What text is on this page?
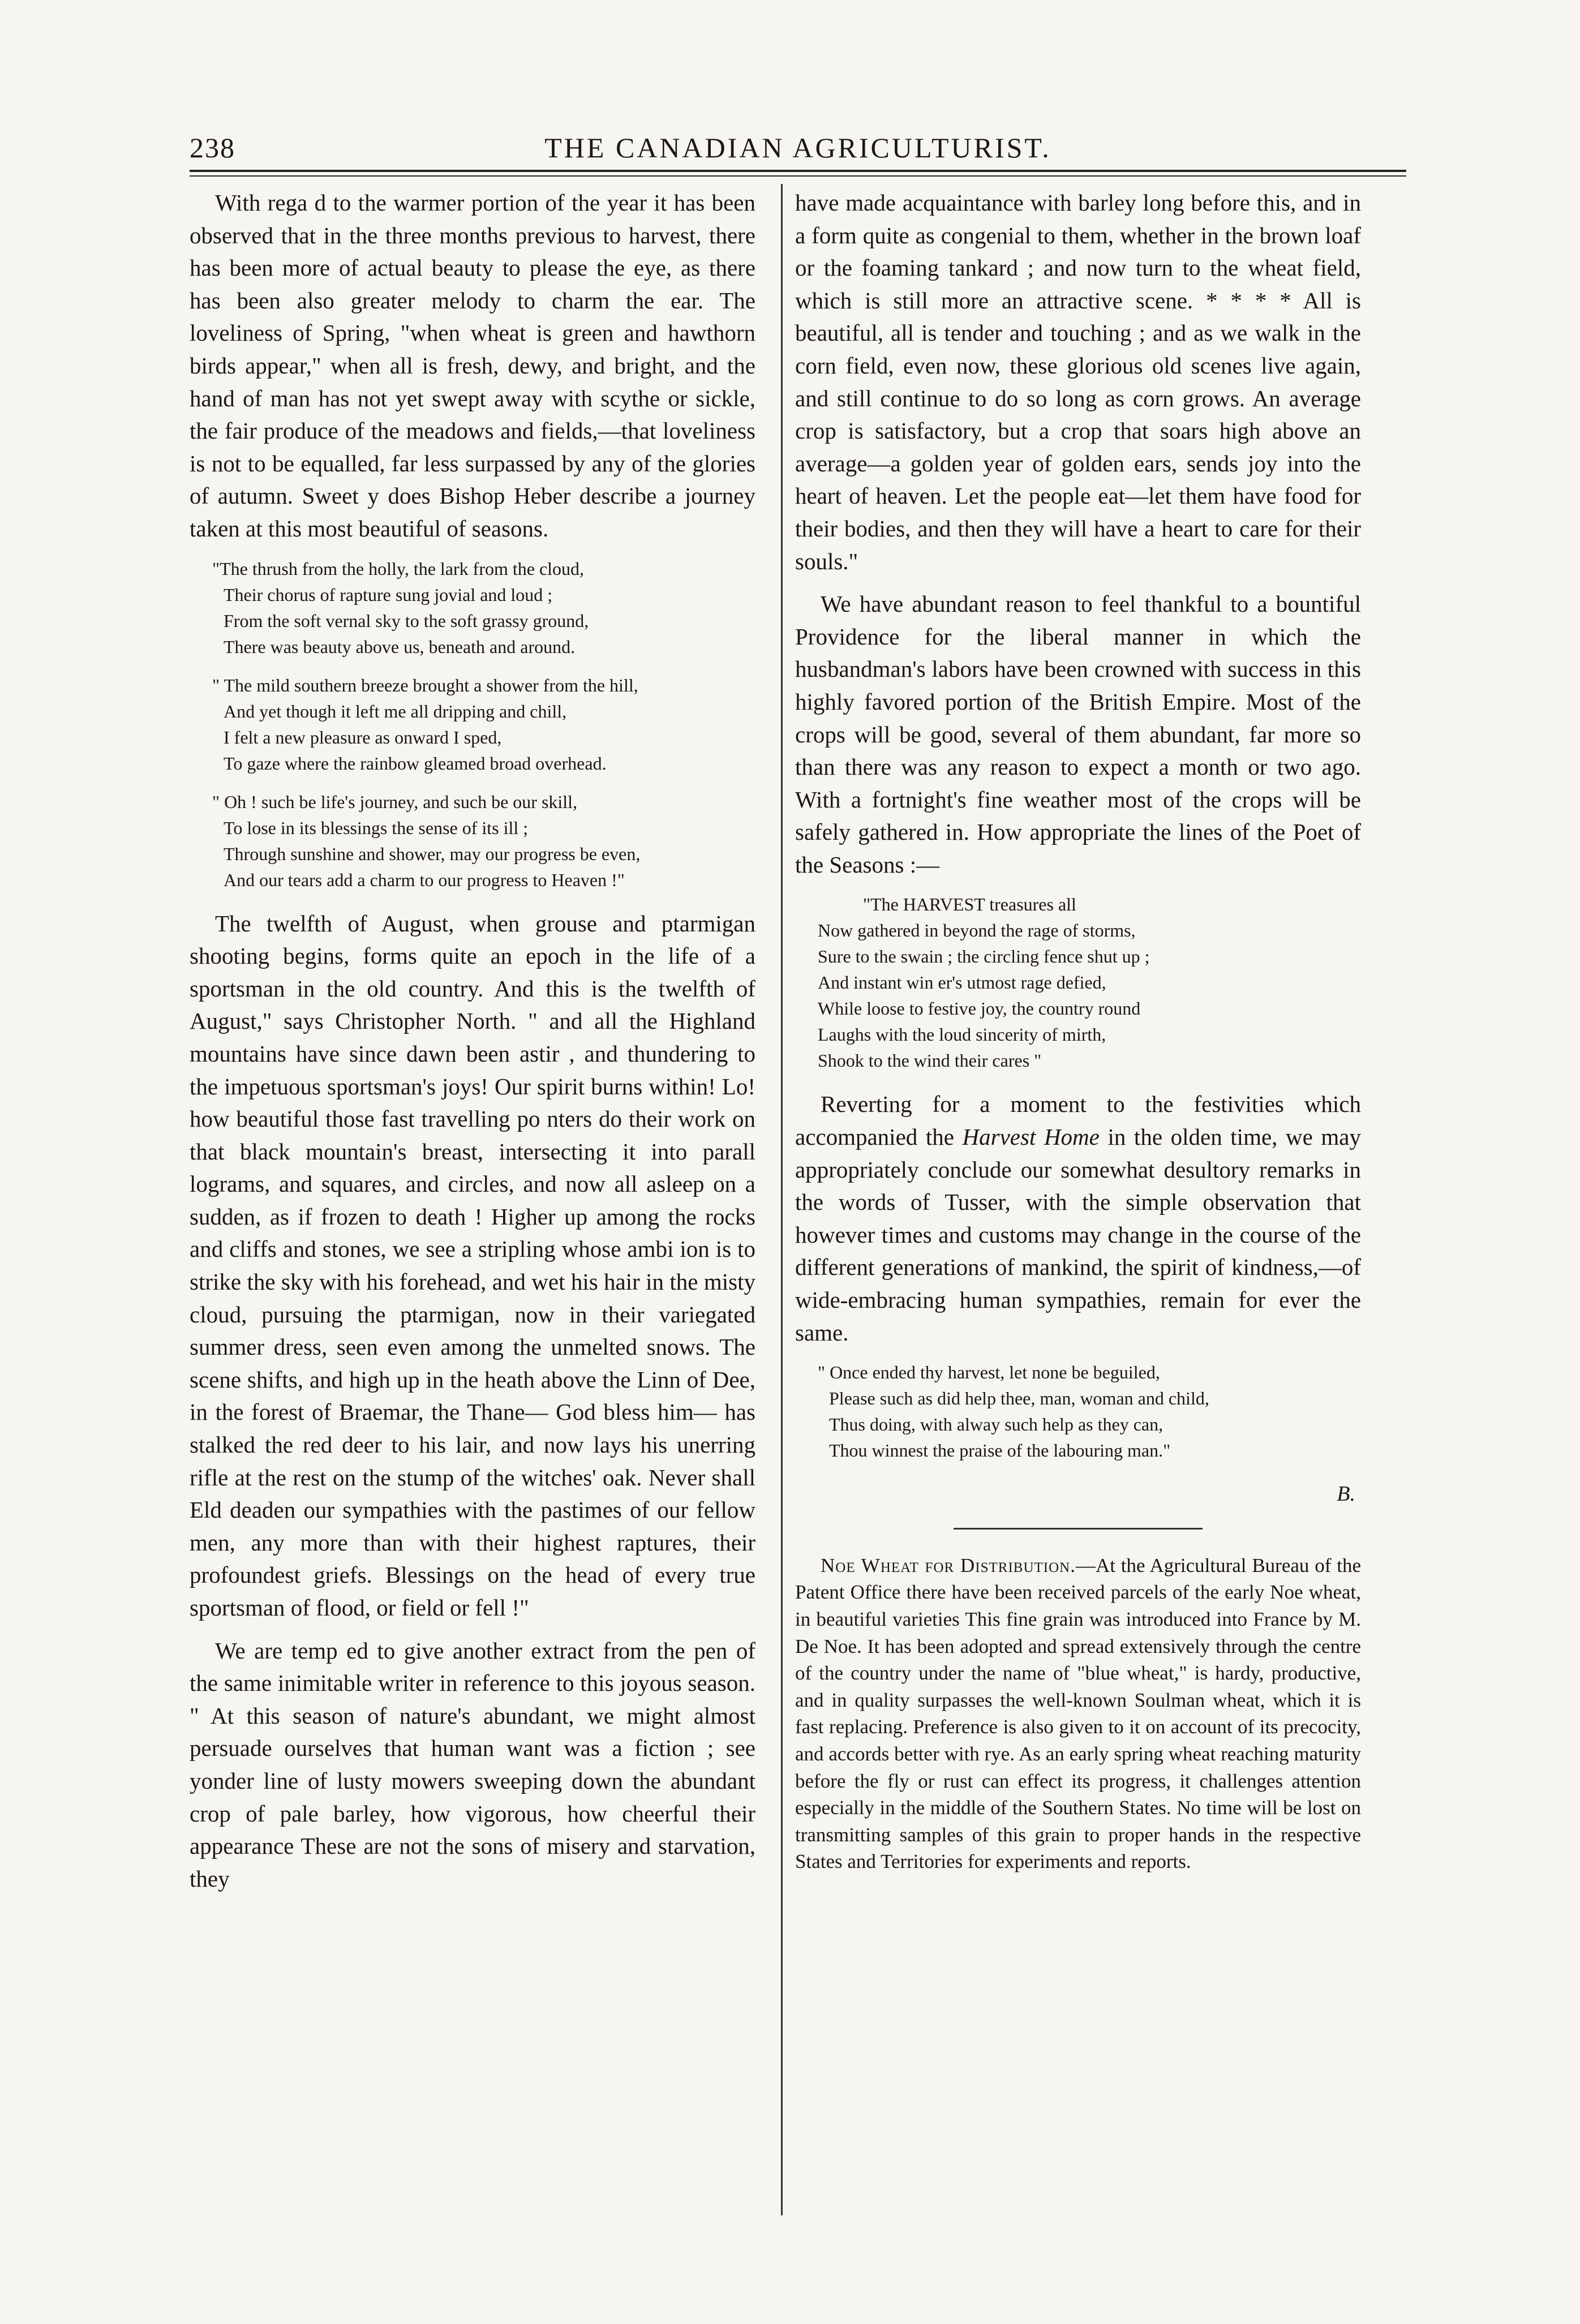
238	THE CANADIAN AGRICULTURIST.

With rega d to the warmer portion of the year it has been observed that in the three months previous to harvest, there has been more of actual beauty to please the eye, as there has been also greater melody to charm the ear. The loveliness of Spring, "when wheat is green and hawthorn birds appear," when all is fresh, dewy, and bright, and the hand of man has not yet swept away with scythe or sickle, the fair produce of the meadows and fields,—that loveliness is not to be equalled, far less surpassed by any of the glories of autumn. Sweet y does Bishop Heber describe a journey taken at this most beautiful of seasons.

"The thrush from the holly, the lark from the cloud,
Their chorus of rapture sung jovial and loud ;
From the soft vernal sky to the soft grassy ground,
There was beauty above us, beneath and around.
" The mild southern breeze brought a shower from the hill,
And yet though it left me all dripping and chill,
I felt a new pleasure as onward I sped,
To gaze where the rainbow gleamed broad overhead.
" Oh ! such be life's journey, and such be our skill,
To lose in its blessings the sense of its ill ;
Through sunshine and shower, may our progress be even,
And our tears add a charm to our progress to Heaven !"

The twelfth of August, when grouse and ptarmigan shooting begins, forms quite an epoch in the life of a sportsman in the old country. And this is the twelfth of August," says Christopher North. " and all the Highland mountains have since dawn been astir , and thundering to the impetuous sportsman's joys! Our spirit burns within! Lo! how beautiful those fast travelling po nters do their work on that black mountain's breast, intersecting it into parall lograms, and squares, and circles, and now all asleep on a sudden, as if frozen to death ! Higher up among the rocks and cliffs and stones, we see a stripling whose ambi ion is to strike the sky with his forehead, and wet his hair in the misty cloud, pursuing the ptarmigan, now in their variegated summer dress, seen even among the unmelted snows. The scene shifts, and high up in the heath above the Linn of Dee, in the forest of Braemar, the Thane— God bless him— has stalked the red deer to his lair, and now lays his unerring rifle at the rest on the stump of the witches' oak. Never shall Eld deaden our sympathies with the pastimes of our fellow men, any more than with their highest raptures, their profoundest griefs. Blessings on the head of every true sportsman of flood, or field or fell !"

We are temp ed to give another extract from the pen of the same inimitable writer in reference to this joyous season. " At this season of nature's abundant, we might almost persuade ourselves that human want was a fiction ; see yonder line of lusty mowers sweeping down the abundant crop of pale barley, how vigorous, how cheerful their appearance These are not the sons of misery and starvation, they

have made acquaintance with barley long before this, and in a form quite as congenial to them, whether in the brown loaf or the foaming tankard ; and now turn to the wheat field, which is still more an attractive scene. * * * * All is beautiful, all is tender and touching ; and as we walk in the corn field, even now, these glorious old scenes live again, and still continue to do so long as corn grows. An average crop is satisfactory, but a crop that soars high above an average—a golden year of golden ears, sends joy into the heart of heaven. Let the people eat—let them have food for their bodies, and then they will have a heart to care for their souls."

We have abundant reason to feel thankful to a bountiful Providence for the liberal manner in which the husbandman's labors have been crowned with success in this highly favored portion of the British Empire. Most of the crops will be good, several of them abundant, far more so than there was any reason to expect a month or two ago. With a fortnight's fine weather most of the crops will be safely gathered in. How appropriate the lines of the Poet of the Seasons :—

"The HARVEST treasures all
Now gathered in beyond the rage of storms,
Sure to the swain ; the circling fence shut up ;
And instant win er's utmost rage defied,
While loose to festive joy, the country round
Laughs with the loud sincerity of mirth,
Shook to the wind their cares "

Reverting for a moment to the festivities which accompanied the Harvest Home in the olden time, we may appropriately conclude our somewhat desultory remarks in the words of Tusser, with the simple observation that however times and customs may change in the course of the different generations of mankind, the spirit of kindness,—of wide-embracing human sympathies, remain for ever the same.

" Once ended thy harvest, let none be beguiled,
Please such as did help thee, man, woman and child,
Thus doing, with alway such help as they can,
Thou winnest the praise of the labouring man."
B.

Noe Wheat for Distribution.—At the Agricultural Bureau of the Patent Office there have been received parcels of the early Noe wheat, in beautiful varieties This fine grain was introduced into France by M. De Noe. It has been adopted and spread extensively through the centre of the country under the name of "blue wheat," is hardy, productive, and in quality surpasses the well-known Soulman wheat, which it is fast replacing. Preference is also given to it on account of its precocity, and accords better with rye. As an early spring wheat reaching maturity before the fly or rust can effect its progress, it challenges attention especially in the middle of the Southern States. No time will be lost on transmitting samples of this grain to proper hands in the respective States and Territories for experiments and reports.
